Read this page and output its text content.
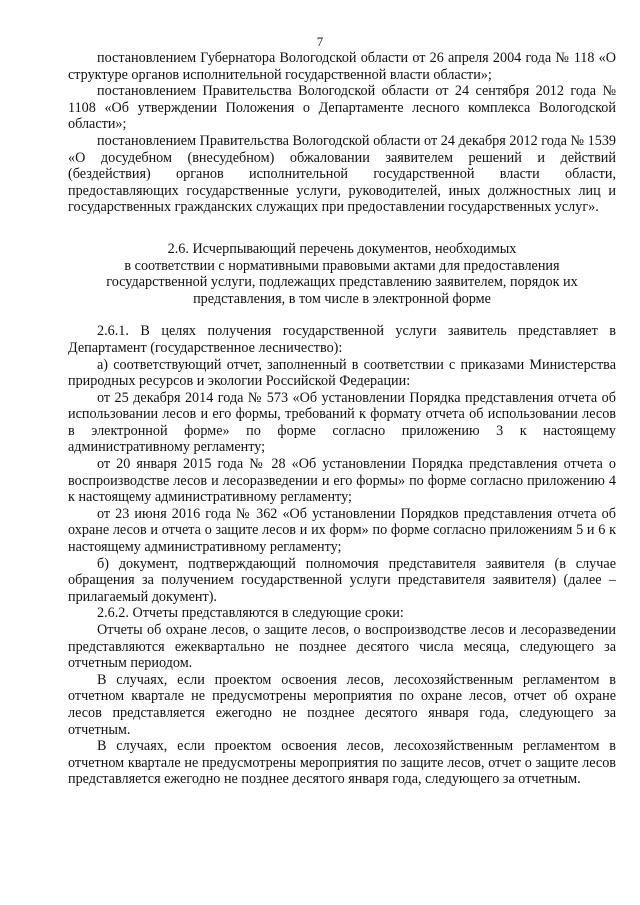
7

постановлением Губернатора Вологодской области от 26 апреля 2004 года № 118 «О структуре органов исполнительной государственной власти области»;

постановлением Правительства Вологодской области от 24 сентября 2012 года № 1108 «Об утверждении Положения о Департаменте лесного комплекса Вологодской области»;

постановлением Правительства Вологодской области от 24 декабря 2012 года № 1539 «О досудебном (внесудебном) обжаловании заявителем решений и действий (бездействия) органов исполнительной государственной власти области, предоставляющих государственные услуги, руководителей, иных должностных лиц и государственных гражданских служащих при предоставлении государственных услуг».

2.6. Исчерпывающий перечень документов, необходимых

в соответствии с нормативными правовыми актами для предоставления

государственной услуги, подлежащих представлению заявителем, порядок их

представления, в том числе в электронной форме

2.6.1. В целях получения государственной услуги заявитель представляет в Департамент (государственное лесничество):

а) соответствующий отчет, заполненный в соответствии с приказами Министерства природных ресурсов и экологии Российской Федерации:

от 25 декабря 2014 года № 573 «Об установлении Порядка представления отчета об использовании лесов и его формы, требований к формату отчета об использовании лесов в электронной форме» по форме согласно приложению 3 к настоящему административному регламенту;

от 20 января 2015 года № 28 «Об установлении Порядка представления отчета о воспроизводстве лесов и лесоразведении и его формы» по форме согласно приложению 4 к настоящему административному регламенту;

от 23 июня 2016 года № 362 «Об установлении Порядков представления отчета об охране лесов и отчета о защите лесов и их форм» по форме согласно приложениям 5 и 6 к настоящему административному регламенту;

б) документ, подтверждающий полномочия представителя заявителя (в случае обращения за получением государственной услуги представителя заявителя) (далее – прилагаемый документ).

2.6.2. Отчеты представляются в следующие сроки:

Отчеты об охране лесов, о защите лесов, о воспроизводстве лесов и лесоразведении представляются ежеквартально не позднее десятого числа месяца, следующего за отчетным периодом.

В случаях, если проектом освоения лесов, лесохозяйственным регламентом в отчетном квартале не предусмотрены мероприятия по охране лесов, отчет об охране лесов представляется ежегодно не позднее десятого января года, следующего за отчетным.

В случаях, если проектом освоения лесов, лесохозяйственным регламентом в отчетном квартале не предусмотрены мероприятия по защите лесов, отчет о защите лесов представляется ежегодно не позднее десятого января года, следующего за отчетным.
